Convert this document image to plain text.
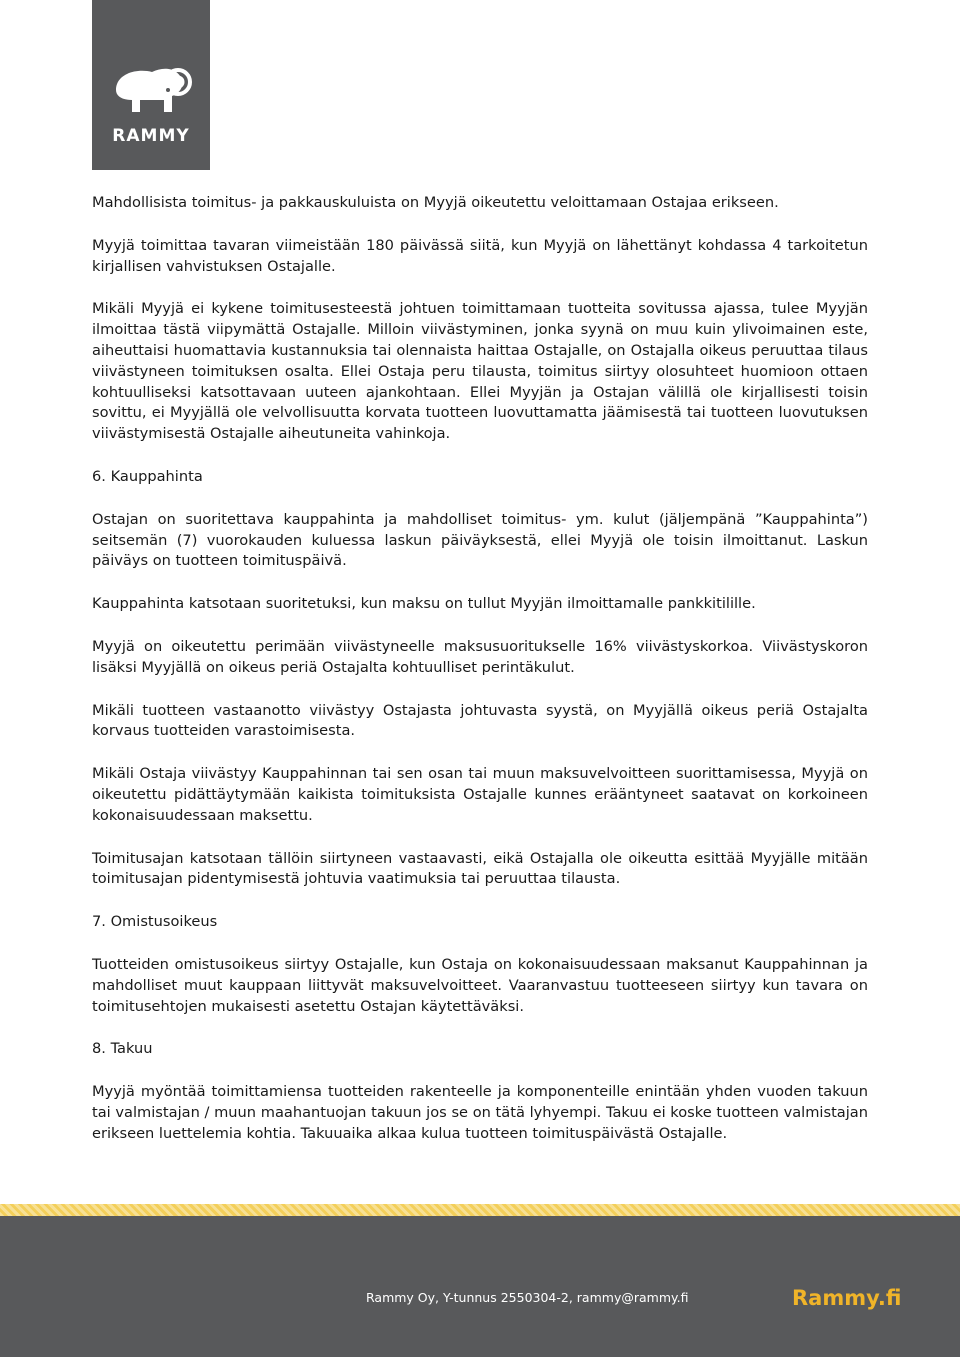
RAMMY

Mahdollisista toimitus- ja pakkauskuluista on Myyjä oikeutettu veloittamaan Ostajaa erikseen.

Myyjä toimittaa tavaran viimeistään 180 päivässä siitä, kun Myyjä on lähettänyt kohdassa 4 tarkoitetun kirjallisen vahvistuksen Ostajalle.

Mikäli Myyjä ei kykene toimitusesteestä johtuen toimittamaan tuotteita sovitussa ajassa, tulee Myyjän ilmoittaa tästä viipymättä Ostajalle. Milloin viivästyminen, jonka syynä on muu kuin ylivoimainen este, aiheuttaisi huomattavia kustannuksia tai olennaista haittaa Ostajalle, on Ostajalla oikeus peruuttaa tilaus viivästyneen toimituksen osalta. Ellei Ostaja peru tilausta, toimitus siirtyy olosuhteet huomioon ottaen kohtuulliseksi katsottavaan uuteen ajankohtaan. Ellei Myyjän ja Ostajan välillä ole kirjallisesti toisin sovittu, ei Myyjällä ole velvollisuutta korvata tuotteen luovuttamatta jäämisestä tai tuotteen luovutuksen viivästymisestä Ostajalle aiheutuneita vahinkoja.

6. Kauppahinta

Ostajan on suoritettava kauppahinta ja mahdolliset toimitus- ym. kulut (jäljempänä ”Kauppahinta”) seitsemän (7) vuorokauden kuluessa laskun päiväyksestä, ellei Myyjä ole toisin ilmoittanut. Laskun päiväys on tuotteen toimituspäivä.

Kauppahinta katsotaan suoritetuksi, kun maksu on tullut Myyjän ilmoittamalle pankkitilille.

Myyjä on oikeutettu perimään viivästyneelle maksusuoritukselle 16% viivästyskorkoa. Viivästyskoron lisäksi Myyjällä on oikeus periä Ostajalta kohtuulliset perintäkulut.

Mikäli tuotteen vastaanotto viivästyy Ostajasta johtuvasta syystä, on Myyjällä oikeus periä Ostajalta korvaus tuotteiden varastoimisesta.

Mikäli Ostaja viivästyy Kauppahinnan tai sen osan tai muun maksuvelvoitteen suorittamisessa, Myyjä on oikeutettu pidättäytymään kaikista toimituksista Ostajalle kunnes erääntyneet saatavat on korkoineen kokonaisuudessaan maksettu.

Toimitusajan katsotaan tällöin siirtyneen vastaavasti, eikä Ostajalla ole oikeutta esittää Myyjälle mitään toimitusajan pidentymisestä johtuvia vaatimuksia tai peruuttaa tilausta.

7. Omistusoikeus

Tuotteiden omistusoikeus siirtyy Ostajalle, kun Ostaja on kokonaisuudessaan maksanut Kauppahinnan ja mahdolliset muut kauppaan liittyvät maksuvelvoitteet. Vaaranvastuu tuotteeseen siirtyy kun tavara on toimitusehtojen mukaisesti asetettu Ostajan käytettäväksi.

8. Takuu

Myyjä myöntää toimittamiensa tuotteiden rakenteelle ja komponenteille enintään yhden vuoden takuun tai valmistajan / muun maahantuojan takuun jos se on tätä lyhyempi. Takuu ei koske tuotteen valmistajan erikseen luettelemia kohtia. Takuuaika alkaa kulua tuotteen toimituspäivästä Ostajalle.

Rammy Oy, Y-tunnus 2550304-2, rammy@rammy.fi	Rammy.fi
